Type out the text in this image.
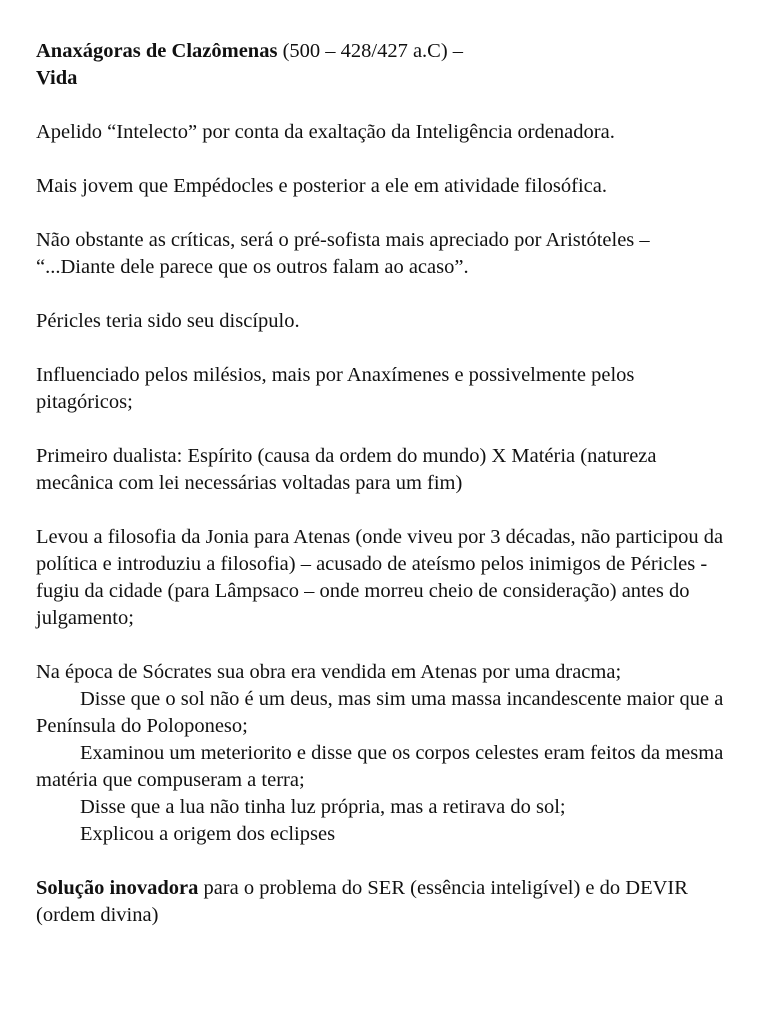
Anaxágoras de Clazômenas (500 – 428/427 a.C) –

Vida

Apelido “Intelecto” por conta da exaltação da Inteligência ordenadora.

Mais jovem que Empédocles e posterior a ele em atividade filosófica.

Não obstante as críticas, será o pré-sofista mais apreciado por Aristóteles –

“...Diante dele parece que os outros falam ao acaso”.

Péricles teria sido seu discípulo.

Influenciado pelos milésios, mais por Anaxímenes e possivelmente pelos pitagóricos;

Primeiro dualista: Espírito (causa da ordem do mundo) X Matéria (natureza mecânica com lei necessárias voltadas para um fim)

Levou a filosofia da Jonia para Atenas (onde viveu por 3 décadas, não participou da política e introduziu a filosofia) – acusado de ateísmo pelos inimigos de Péricles - fugiu da cidade (para Lâmpsaco – onde morreu cheio de consideração) antes do julgamento;

Na época de Sócrates sua obra era vendida em Atenas por uma dracma;

Disse que o sol não é um deus, mas sim uma massa incandescente maior que a Península do Poloponeso;

Examinou um meteriorito e disse que os corpos celestes eram feitos da mesma matéria que compuseram a terra;

Disse que a lua não tinha luz própria, mas a retirava do sol;

Explicou a origem dos eclipses

Solução inovadora para o problema do SER (essência inteligível) e do DEVIR (ordem divina)
